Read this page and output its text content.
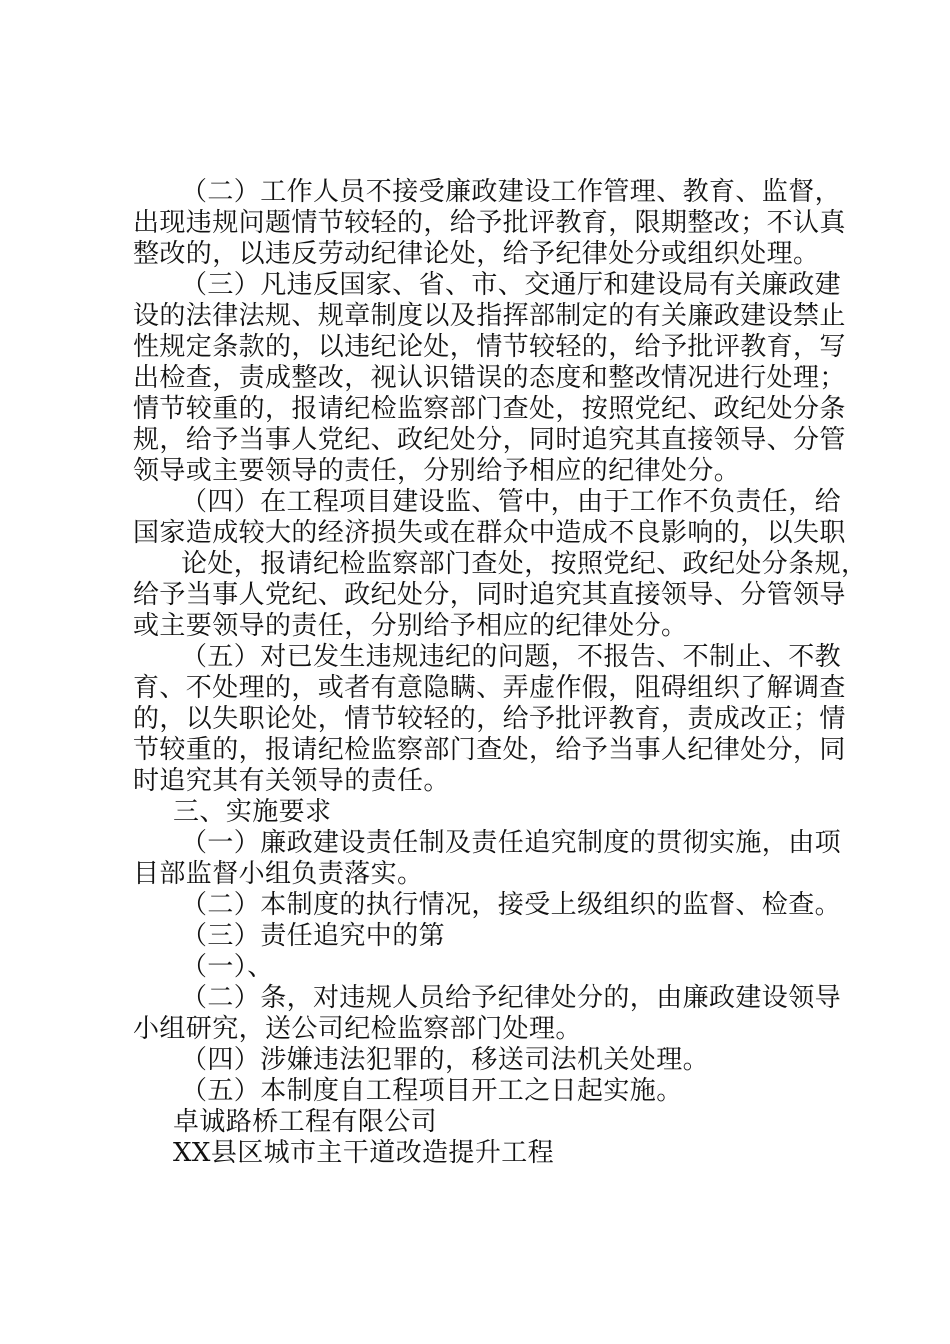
（二）工作人员不接受廉政建设工作管理、教育、监督，
出现违规问题情节较轻的，给予批评教育，限期整改；不认真
整改的，以违反劳动纪律论处，给予纪律处分或组织处理。
（三）凡违反国家、省、市、交通厅和建设局有关廉政建
设的法律法规、规章制度以及指挥部制定的有关廉政建设禁止
性规定条款的，以违纪论处，情节较轻的，给予批评教育，写
出检查，责成整改，视认识错误的态度和整改情况进行处理；
情节较重的，报请纪检监察部门查处，按照党纪、政纪处分条
规，给予当事人党纪、政纪处分，同时追究其直接领导、分管
领导或主要领导的责任，分别给予相应的纪律处分。
（四）在工程项目建设监、管中，由于工作不负责任，给
国家造成较大的经济损失或在群众中造成不良影响的，以失职
论处，报请纪检监察部门查处，按照党纪、政纪处分条规，
给予当事人党纪、政纪处分，同时追究其直接领导、分管领导
或主要领导的责任，分别给予相应的纪律处分。
（五）对已发生违规违纪的问题，不报告、不制止、不教
育、不处理的，或者有意隐瞒、弄虚作假，阻碍组织了解调查
的，以失职论处，情节较轻的，给予批评教育，责成改正；情
节较重的，报请纪检监察部门查处，给予当事人纪律处分，同
时追究其有关领导的责任。
三、实施要求
（一）廉政建设责任制及责任追究制度的贯彻实施，由项
目部监督小组负责落实。
（二）本制度的执行情况，接受上级组织的监督、检查。
（三）责任追究中的第
（一）、
（二）条，对违规人员给予纪律处分的，由廉政建设领导
小组研究，送公司纪检监察部门处理。
（四）涉嫌违法犯罪的，移送司法机关处理。
（五）本制度自工程项目开工之日起实施。
卓诚路桥工程有限公司
XX县区城市主干道改造提升工程
